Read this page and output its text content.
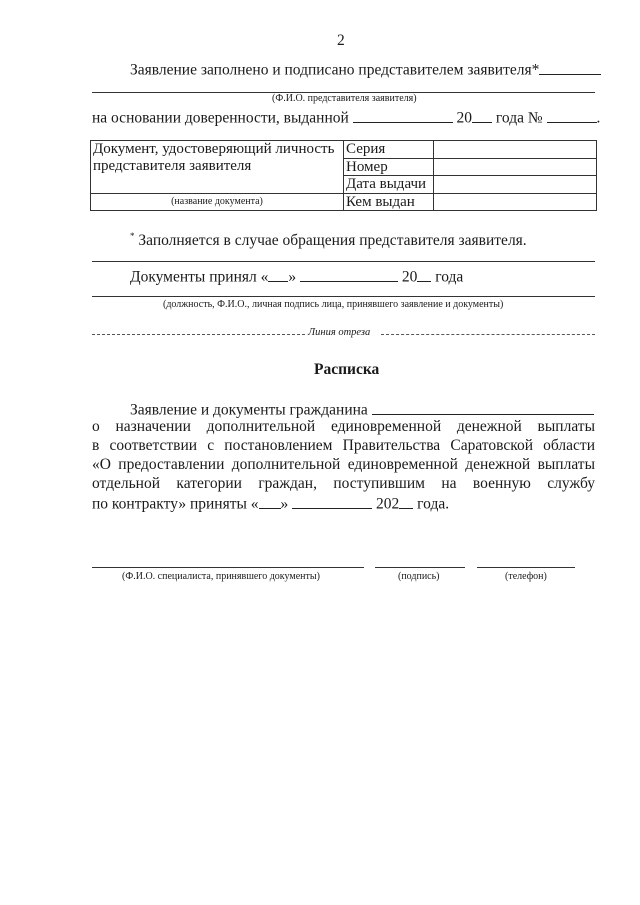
2
Заявление заполнено и подписано представителем заявителя*
(Ф.И.О. представителя заявителя)
на основании доверенности, выданной	20 года №	.
Документ, удостоверяющий личность представителя заявителя	Серия	
	Номер	
	Дата выдачи	
(название документа)	Кем выдан	
* Заполняется в случае обращения представителя заявителя.
Документы принял « »	20 года
(должность, Ф.И.О., личная подпись лица, принявшего заявление и документы)
Линия отреза
Расписка
Заявление и документы гражданина
о назначении дополнительной единовременной денежной выплаты
в соответствии с постановлением Правительства Саратовской области
«О предоставлении дополнительной единовременной денежной выплаты
отдельной категории граждан, поступившим на военную службу
по контракту» приняты « »	202 года.
(Ф.И.О. специалиста, принявшего документы)	(подпись)	(телефон)
